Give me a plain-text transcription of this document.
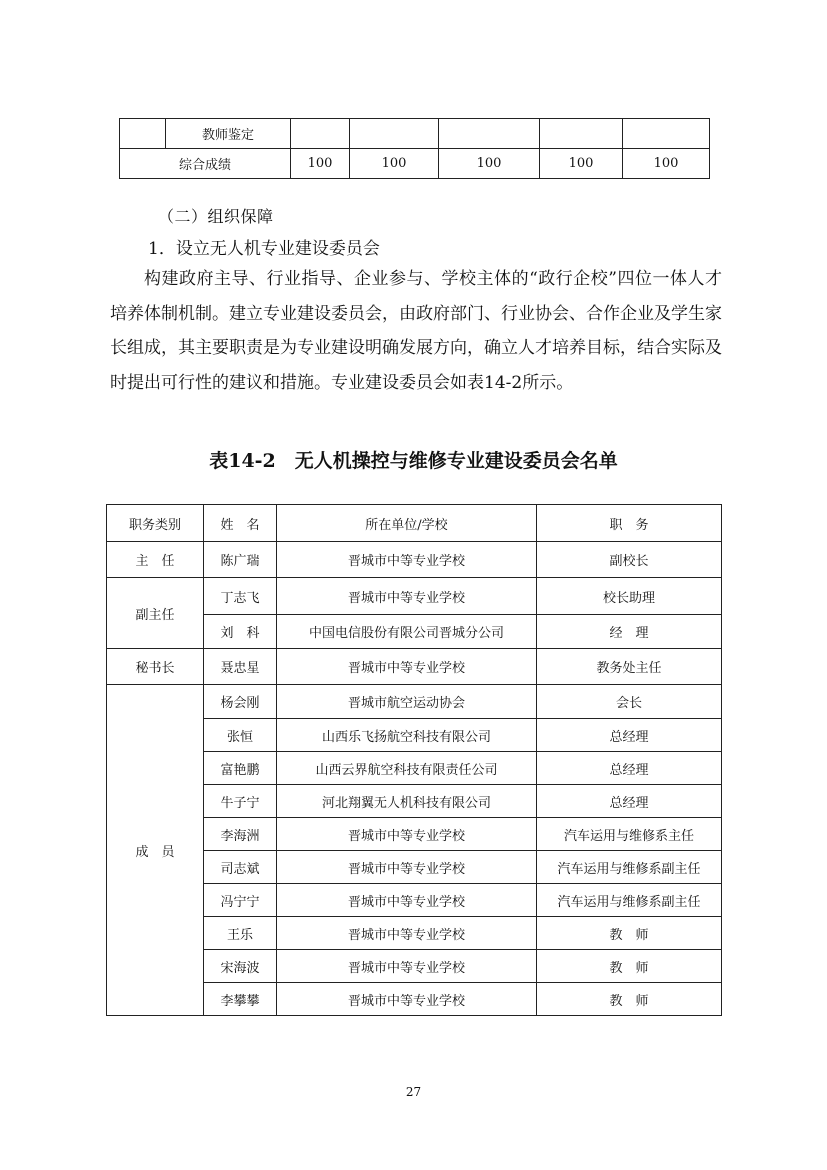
	教师鉴定					
综合成绩		100	100	100	100	100
（二）组织保障
1．设立无人机专业建设委员会
构建政府主导、行业指导、企业参与、学校主体的“政行企校”四位一体人才培养体制机制。建立专业建设委员会，由政府部门、行业协会、合作企业及学生家长组成，其主要职责是为专业建设明确发展方向，确立人才培养目标，结合实际及时提出可行性的建议和措施。专业建设委员会如表14-2所示。
表14-2　无人机操控与维修专业建设委员会名单
职务类别	姓　名	所在单位/学校	职　务
主　任	陈广瑞	晋城市中等专业学校	副校长
副主任	丁志飞	晋城市中等专业学校	校长助理
	刘　科	中国电信股份有限公司晋城分公司	经　理
秘书长	聂忠星	晋城市中等专业学校	教务处主任
成　员	杨会刚	晋城市航空运动协会	会长
	张恒	山西乐飞扬航空科技有限公司	总经理
	富艳鹏	山西云界航空科技有限责任公司	总经理
	牛子宁	河北翔翼无人机科技有限公司	总经理
	李海洲	晋城市中等专业学校	汽车运用与维修系主任
	司志斌	晋城市中等专业学校	汽车运用与维修系副主任
	冯宁宁	晋城市中等专业学校	汽车运用与维修系副主任
	王乐	晋城市中等专业学校	教　师
	宋海波	晋城市中等专业学校	教　师
	李攀攀	晋城市中等专业学校	教　师
27
